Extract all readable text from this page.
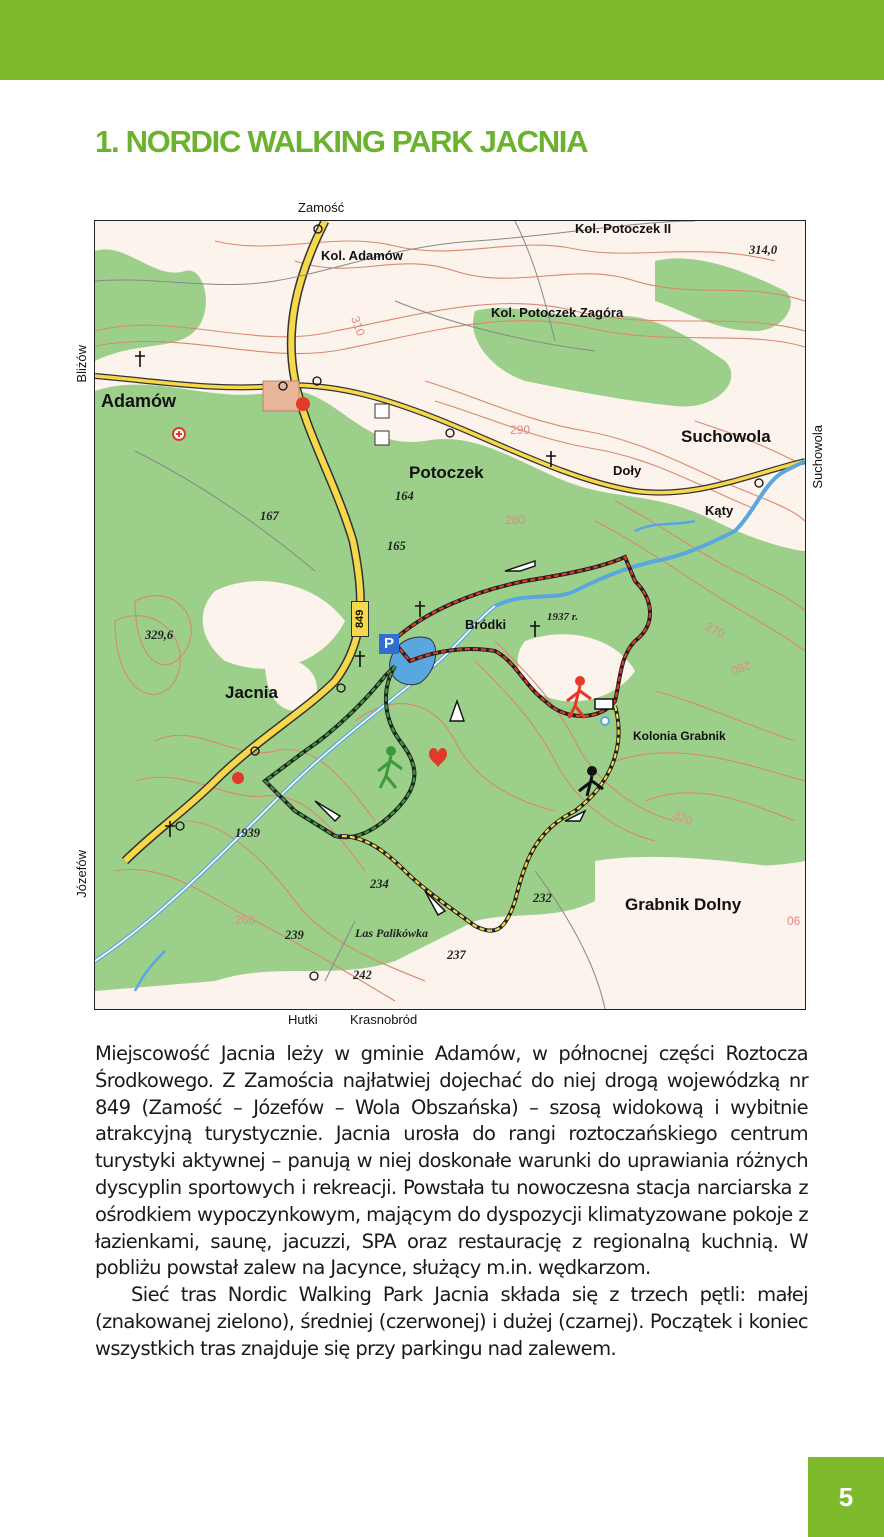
1. NORDIC WALKING PARK JACNIA
Zamość
Bliżów
Józefów
Suchowola
Hutki Krasnobród
Kol. Adamów
Kol. Potoczek II
Kol. Potoczek Zagóra
Adamów
Suchowola
Potoczek	Doły
Kąty
Bródki
Jacnia
Kolonia Grabnik
Grabnik Dolny
Las Palikówka
314,0
329,6
164
167
165
234
232
239
237
242
310
290
280
270
280
320
260	06
1937 r.
1939
849
P

Miejscowość Jacnia leży w gminie Adamów, w północnej części Roztocza Środkowego. Z Zamościa najłatwiej dojechać do niej drogą wojewódzką nr 849 (Zamość – Józefów – Wola Obszańska) – szosą widokową i wybitnie atrakcyjną turystycznie. Jacnia urosła do rangi roztoczańskiego centrum turystyki aktywnej – panują w niej doskonałe warunki do uprawiania różnych dyscyplin sportowych i rekreacji. Powstała tu nowoczesna stacja narciarska z ośrodkiem wypoczynkowym, mającym do dyspozycji klimatyzowane pokoje z łazienkami, saunę, jacuzzi, SPA oraz restaurację z regionalną kuchnią. W pobliżu powstał zalew na Jacyncе, służący m.in. wędkarzom.

Sieć tras Nordic Walking Park Jacnia składa się z trzech pętli: małej (znakowanej zielono), średniej (czerwonej) i dużej (czarnej). Początek i koniec wszystkich tras znajduje się przy parkingu nad zalewem.

5
